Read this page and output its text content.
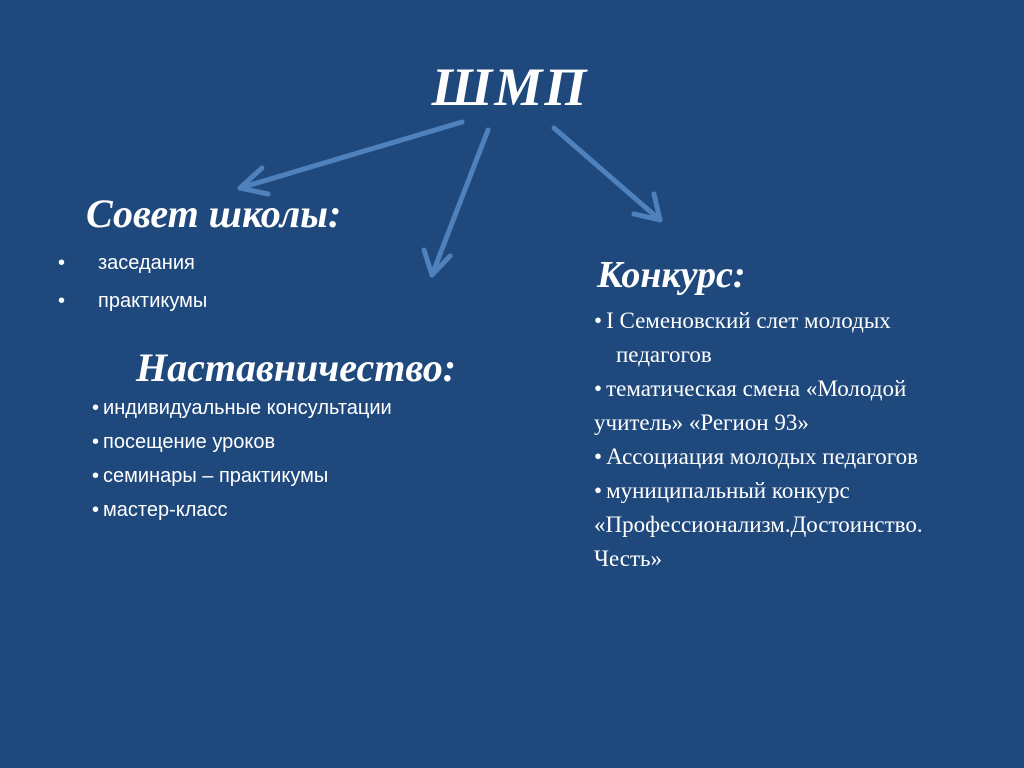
ШМП
Совет школы:
•	заседания
•	практикумы
Наставничество:
• индивидуальные консультации
• посещение уроков
• семинары – практикумы
• мастер-класс
Конкурс:
• I Семеновский слет молодых
педагогов
• тематическая смена «Молодой
учитель» «Регион 93»
• Ассоциация молодых педагогов
• муниципальный конкурс
«Профессионализм.Достоинство.
Честь»
